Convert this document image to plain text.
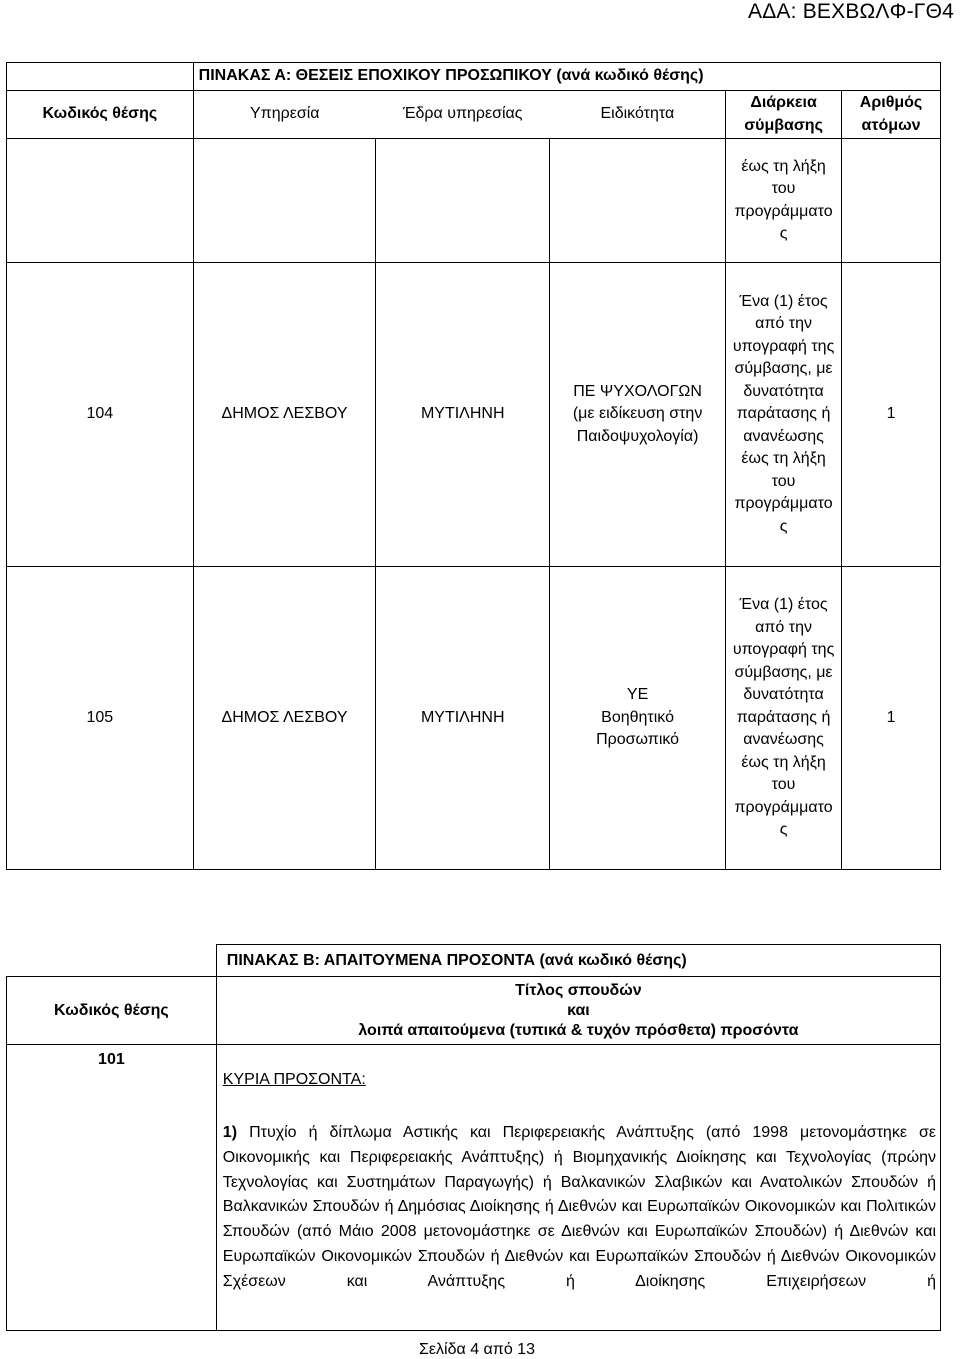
ΑΔΑ: ΒΕΧΒΩΛΦ-ΓΘ4
	ΠΙΝΑΚΑΣ Α: ΘΕΣΕΙΣ ΕΠΟΧΙΚΟΥ ΠΡΟΣΩΠΙΚΟΥ (ανά κωδικό θέσης)				
Κωδικός θέσης	Υπηρεσία	Έδρα υπηρεσίας	Ειδικότητα	Διάρκεια σύμβασης	Αριθμός ατόμων
				έως τη λήξη του προγράμματο ς	
104	ΔΗΜΟΣ ΛΕΣΒΟΥ	ΜΥΤΙΛΗΝΗ	ΠΕ ΨΥΧΟΛΟΓΩΝ (με ειδίκευση στην Παιδοψυχολογία)	Ένα (1) έτος από την υπογραφή της σύμβασης, με δυνατότητα παράτασης ή ανανέωσης έως τη λήξη του προγράμματο ς	1
105	ΔΗΜΟΣ ΛΕΣΒΟΥ	ΜΥΤΙΛΗΝΗ	ΥΕ Βοηθητικό Προσωπικό	Ένα (1) έτος από την υπογραφή της σύμβασης, με δυνατότητα παράτασης ή ανανέωσης έως τη λήξη του προγράμματο ς	1
	ΠΙΝΑΚΑΣ Β: ΑΠΑΙΤΟΥΜΕΝΑ ΠΡΟΣΟΝΤΑ (ανά κωδικό θέσης)
Κωδικός θέσης	Τίτλος σπουδών
και
λοιπά απαιτούμενα (τυπικά & τυχόν πρόσθετα) προσόντα

101	ΚΥΡΙΑ ΠΡΟΣΟΝΤΑ:
1) Πτυχίο ή δίπλωμα Αστικής και Περιφερειακής Ανάπτυξης (από 1998 μετονομάστηκε σε Οικονομικής και Περιφερειακής Ανάπτυξης) ή Βιομηχανικής Διοίκησης και Τεχνολογίας (πρώην Τεχνολογίας και Συστημάτων Παραγωγής) ή Βαλκανικών Σλαβικών και Ανατολικών Σπουδών ή Βαλκανικών Σπουδών ή Δημόσιας Διοίκησης ή Διεθνών και Ευρωπαϊκών Οικονομικών και Πολιτικών Σπουδών (από Μάιο 2008 μετονομάστηκε σε Διεθνών και Ευρωπαϊκών Σπουδών) ή Διεθνών και Ευρωπαϊκών Οικονομικών Σπουδών ή Διεθνών και Ευρωπαϊκών Σπουδών ή Διεθνών Οικονομικών Σχέσεων και Ανάπτυξης ή Διοίκησης Επιχειρήσεων ή
Σελίδα 4 από 13
